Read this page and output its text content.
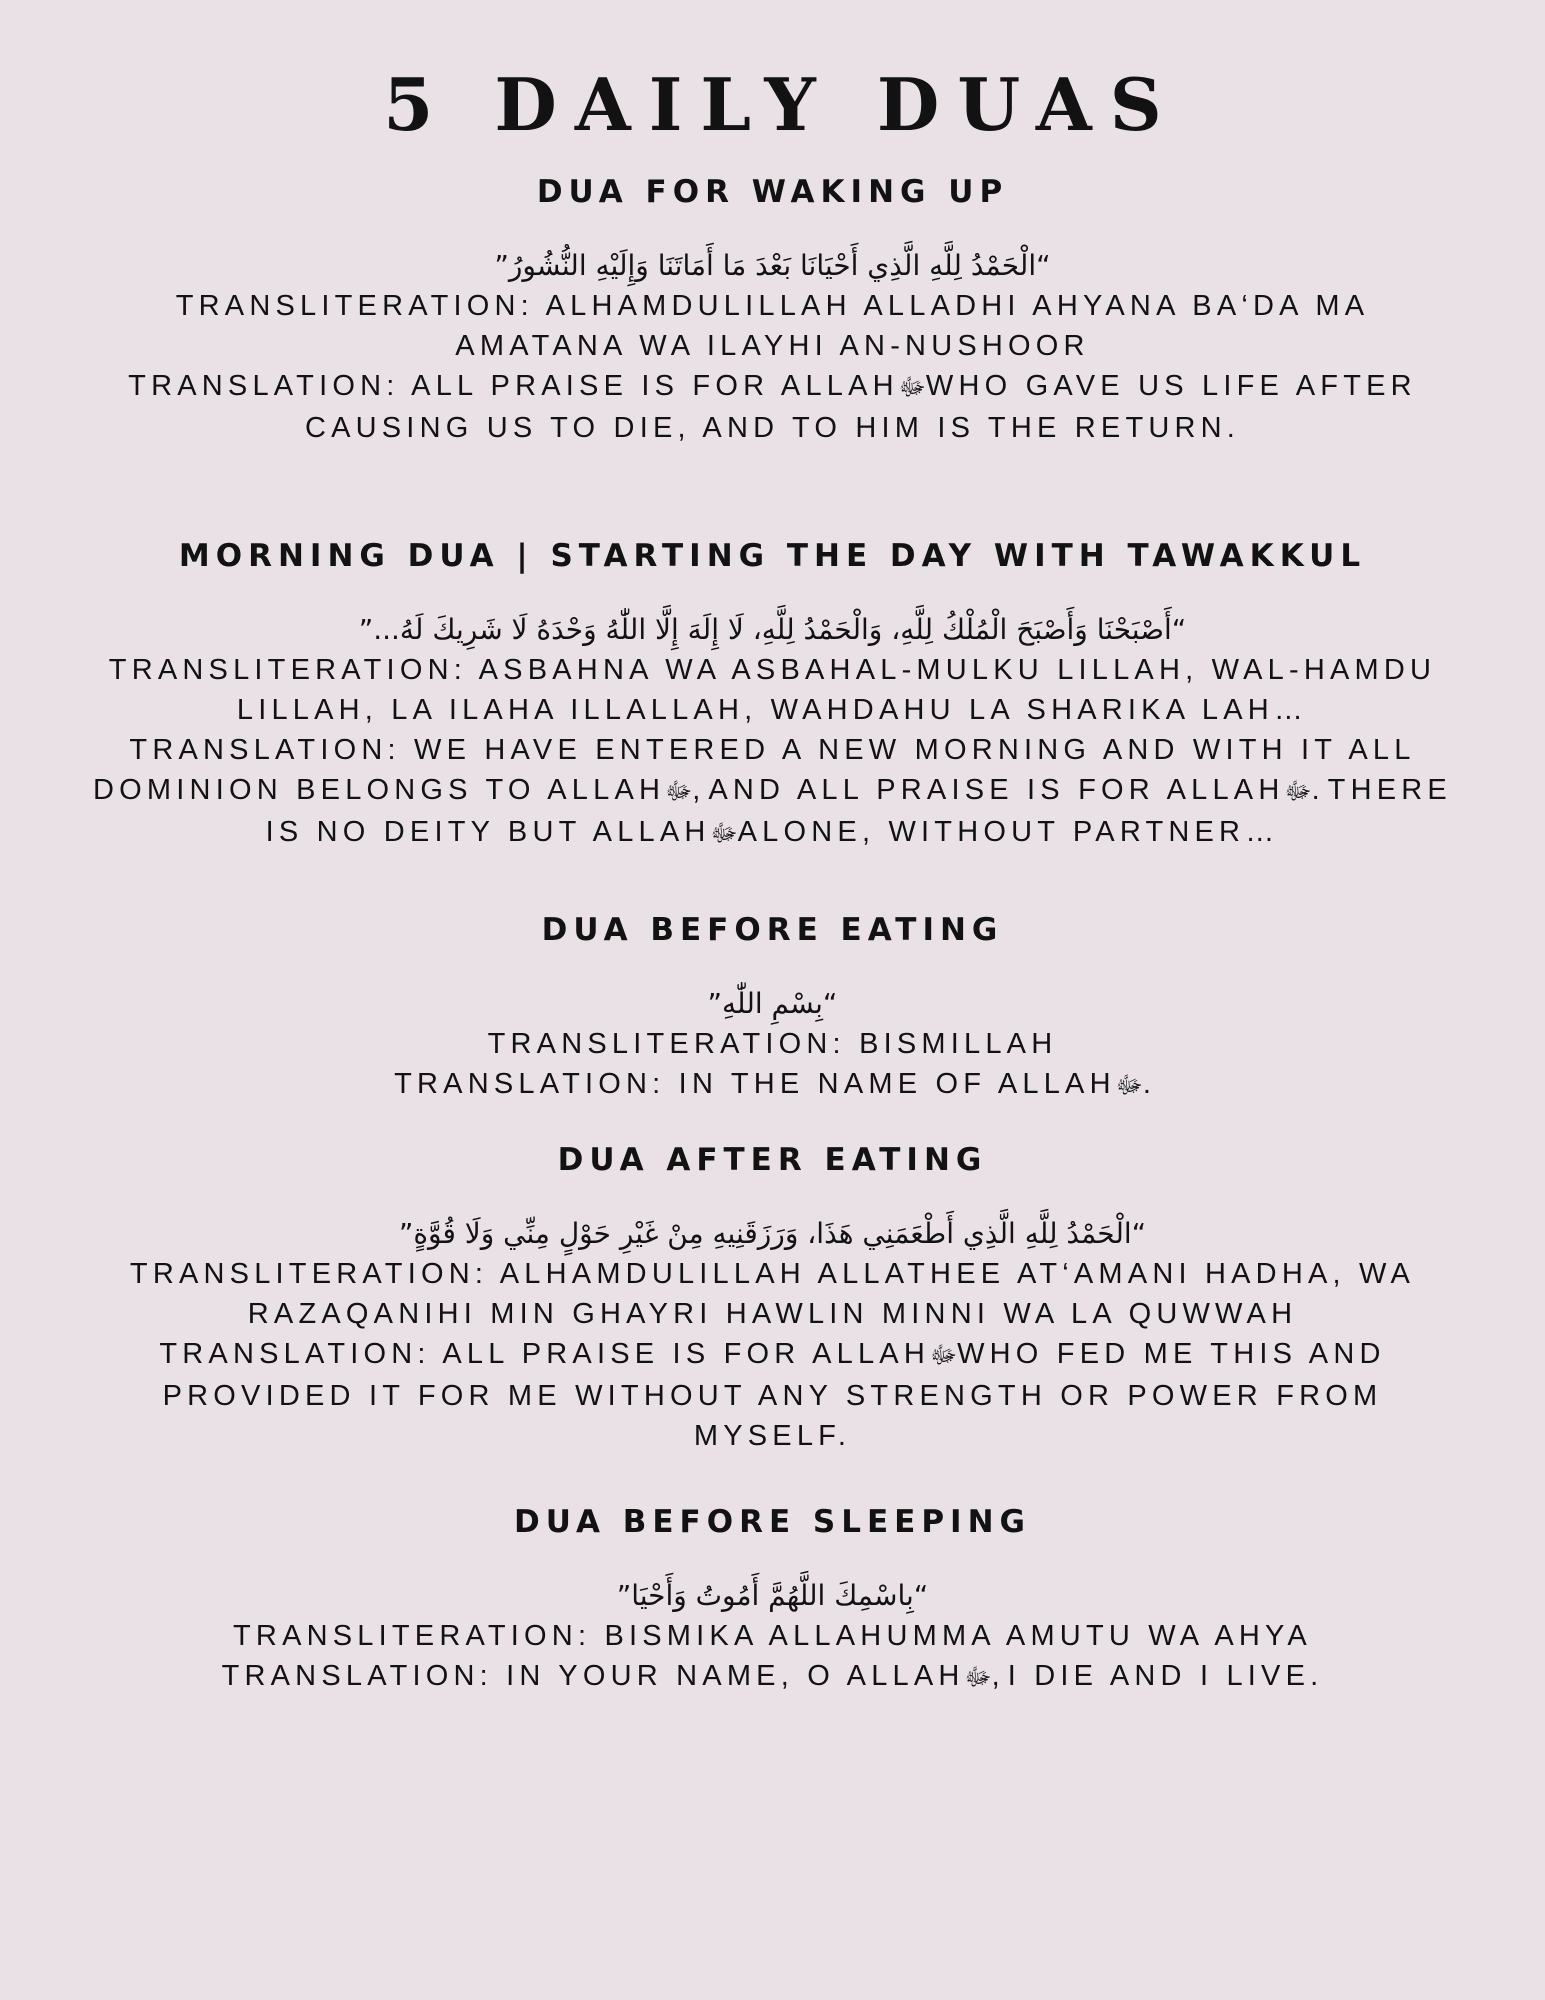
5 DAILY DUAS
DUA FOR WAKING UP

“الْحَمْدُ لِلَّهِ الَّذِي أَحْيَانَا بَعْدَ مَا أَمَاتَنَا وَإِلَيْهِ النُّشُورُ”

TRANSLITERATION: ALHAMDULILLAH ALLADHI AHYANA BA‘DA MA

AMATANA WA ILAYHI AN-NUSHOOR

TRANSLATION: ALL PRAISE IS FOR ALLAHﷻWHO GAVE US LIFE AFTER

CAUSING US TO DIE, AND TO HIM IS THE RETURN.

MORNING DUA | STARTING THE DAY WITH TAWAKKUL

“أَصْبَحْنَا وَأَصْبَحَ الْمُلْكُ لِلَّهِ، وَالْحَمْدُ لِلَّهِ، لَا إِلَهَ إِلَّا اللّٰهُ وَحْدَهُ لَا شَرِيكَ لَهُ...”

TRANSLITERATION: ASBAHNA WA ASBAHAL-MULKU LILLAH, WAL-HAMDU

LILLAH, LA ILAHA ILLALLAH, WAHDAHU LA SHARIKA LAH…

TRANSLATION: WE HAVE ENTERED A NEW MORNING AND WITH IT ALL

DOMINION BELONGS TO ALLAHﷻ, AND ALL PRAISE IS FOR ALLAHﷻ. THERE

IS NO DEITY BUT ALLAHﷻALONE, WITHOUT PARTNER…

DUA BEFORE EATING

“بِسْمِ اللّٰهِ”

TRANSLITERATION: BISMILLAH

TRANSLATION: IN THE NAME OF ALLAHﷻ.

DUA AFTER EATING

“الْحَمْدُ لِلَّهِ الَّذِي أَطْعَمَنِي هَذَا، وَرَزَقَنِيهِ مِنْ غَيْرِ حَوْلٍ مِنِّي وَلَا قُوَّةٍ”

TRANSLITERATION: ALHAMDULILLAH ALLATHEE AT‘AMANI HADHA, WA

RAZAQANIHI MIN GHAYRI HAWLIN MINNI WA LA QUWWAH

TRANSLATION: ALL PRAISE IS FOR ALLAHﷻWHO FED ME THIS AND

PROVIDED IT FOR ME WITHOUT ANY STRENGTH OR POWER FROM

MYSELF.

DUA BEFORE SLEEPING

“بِاسْمِكَ اللَّهُمَّ أَمُوتُ وَأَحْيَا”

TRANSLITERATION: BISMIKA ALLAHUMMA AMUTU WA AHYA

TRANSLATION: IN YOUR NAME, O ALLAHﷻ, I DIE AND I LIVE.
